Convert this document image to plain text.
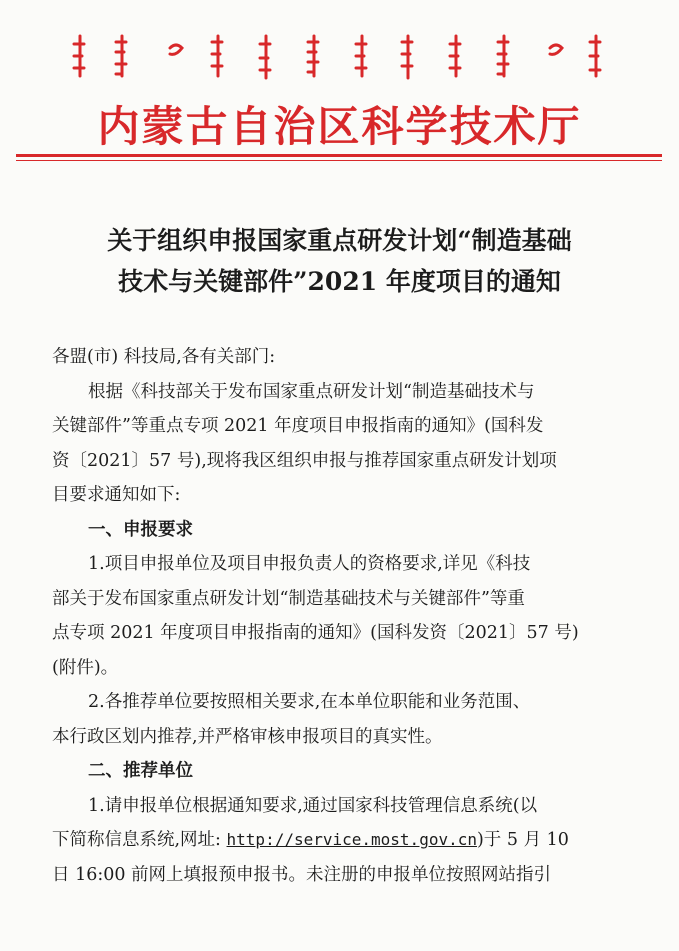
内蒙古自治区科学技术厅
关于组织申报国家重点研发计划“制造基础
技术与关键部件”2021 年度项目的通知
各盟(市) 科技局,各有关部门:
根据《科技部关于发布国家重点研发计划“制造基础技术与
关键部件”等重点专项 2021 年度项目申报指南的通知》(国科发
资〔2021〕57 号),现将我区组织申报与推荐国家重点研发计划项
目要求通知如下:
一、申报要求
1.项目申报单位及项目申报负责人的资格要求,详见《科技
部关于发布国家重点研发计划“制造基础技术与关键部件”等重
点专项 2021 年度项目申报指南的通知》(国科发资〔2021〕57 号)
(附件)。
2.各推荐单位要按照相关要求,在本单位职能和业务范围、
本行政区划内推荐,并严格审核申报项目的真实性。
二、推荐单位
1.请申报单位根据通知要求,通过国家科技管理信息系统(以
下简称信息系统,网址: http://service.most.gov.cn)于 5 月 10
日 16:00 前网上填报预申报书。未注册的申报单位按照网站指引
